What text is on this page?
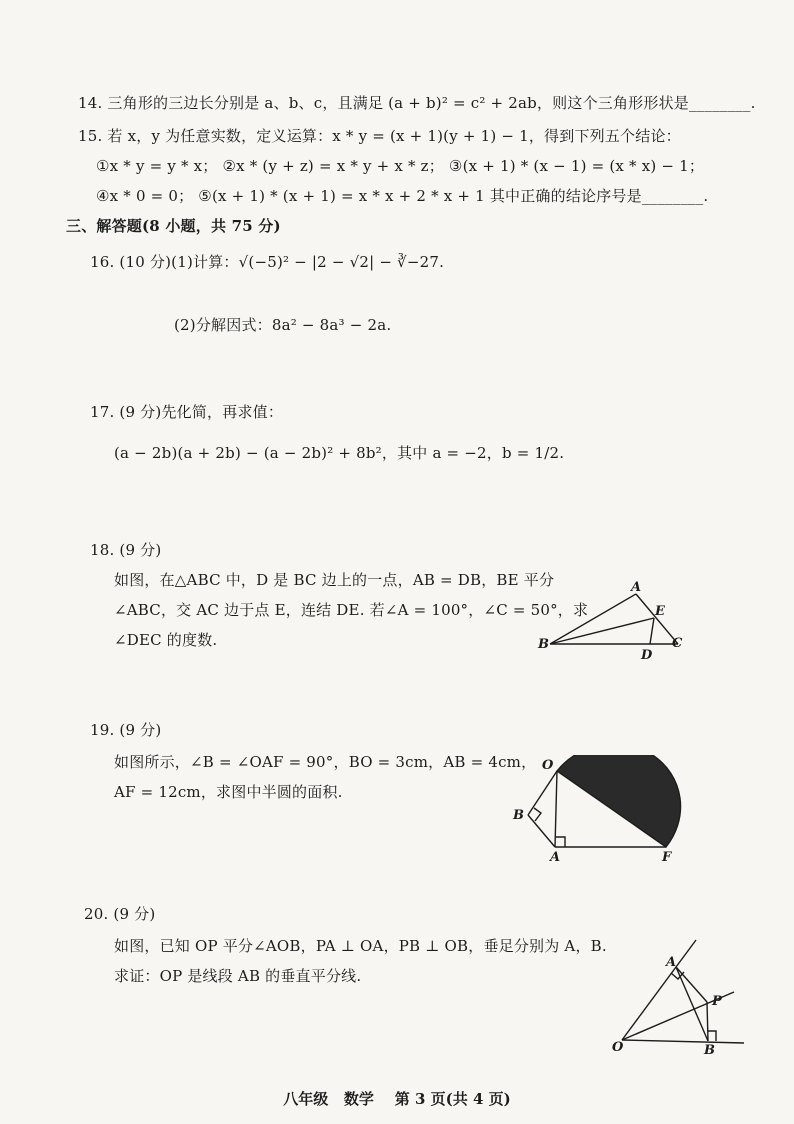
14. 三角形的三边长分别是 a、b、c，且满足 (a + b)² = c² + 2ab，则这个三角形形状是________.
15. 若 x，y 为任意实数，定义运算：x * y = (x + 1)(y + 1) − 1，得到下列五个结论：
①x * y = y * x； ②x * (y + z) = x * y + x * z； ③(x + 1) * (x − 1) = (x * x) − 1；
④x * 0 = 0； ⑤(x + 1) * (x + 1) = x * x + 2 * x + 1 其中正确的结论序号是________.
三、解答题(8 小题，共 75 分)
16. (10 分)(1)计算：√(−5)² − |2 − √2| − ∛−27.
(2)分解因式：8a² − 8a³ − 2a.
17. (9 分)先化简，再求值：
(a − 2b)(a + 2b) − (a − 2b)² + 8b²，其中 a = −2，b = 1/2.
18. (9 分)
如图，在△ABC 中，D 是 BC 边上的一点，AB = DB，BE 平分
∠ABC，交 AC 边于点 E，连结 DE. 若∠A = 100°，∠C = 50°，求
∠DEC 的度数.
A
B	C
D
E
19. (9 分)
如图所示，∠B = ∠OAF = 90°，BO = 3cm，AB = 4cm，
AF = 12cm，求图中半圆的面积.
O
B
A	F
20. (9 分)
如图，已知 OP 平分∠AOB，PA ⊥ OA，PB ⊥ OB，垂足分别为 A，B.
求证：OP 是线段 AB 的垂直平分线.
A
P
O	B
八年级   数学    第 3 页(共 4 页)
